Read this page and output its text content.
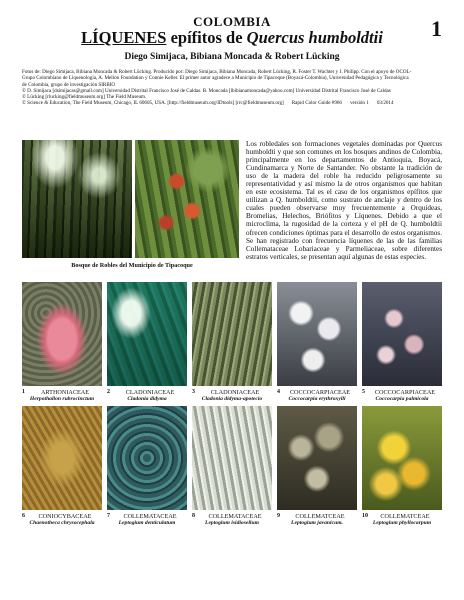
COLOMBIA	1
LÍQUENES epífitos de Quercus humboldtii
Diego Simijaca, Bibiana Moncada & Robert Lücking
Fotos de: Diego Simijaca, Bibiana Moncada & Robert Lücking. Producido por: Diego Simijaca, Bibiana Moncada, Robert Lücking, R. Foster T. Wachter y J. Philipp. Con el apoyo de OCOL-
Grupo Colombiano de Liquenología, A. Mellon Foundation y Connie Keller. El primer autor agradece a Municipio de Tipacoque (Boyacá-Colombia), Universidad Pedagógica y Tecnológica
de Colombia, grupo de investigación SIRBIO
© D. Simijaca [dsimijacas@gmail.com] Universidad Distrital Francisco José de Caldas. B. Moncada [lbibianamoncada@yahoo.com] Universidad Distrital Francisco José de Caldas
© Lücking [rlucking@fieldmuseum.org] The Field Museum.
© Science & Education, The Field Museum, Chicago, IL 60605, USA. [http://fieldmuseum.org/IDtools] [rrc@fieldmuseum.org] Rapid Color Guide #966 versión 1 03/2014
Bosque de Robles del Municipio de Tipacoque
Los robledales son formaciones vegetales dominadas por Quercus humboldti y que son comunes en los bosques andinos de Colombia, principalmente en los departamentos de Antioquia, Boyacá, Cundinamarca y Norte de Santander. No obstante la tradición de uso de la madera del roble ha reducido peligrosamente su representatividad y así mismo la de otros organismos que habitan en este ecosistema. Tal es el caso de los organismos epífitos que utilizan a Q. humboldtii, como sustrato de anclaje y dentro de los cuales pueden observarse muy frecuentemente a Orquideas, Bromelias, Helechos, Briófitos y Líquenes. Debido a que el microclima, la rugosidad de la corteza y el pH de Q. humboldtii ofrecen condiciones óptimas para el desarrollo de estos organismos. Se han registrado con frecuencia líquenes de las de las familias Collemataceae Lobariaceae y Parmeliaceae, sobre diferentes estratos verticales, se presentan aquí algunas de estas especies.
1	ARTHONIACEAE
Herpothallon rubrocinctum
2	CLADONIACEAE
Cladonia didyma
3	CLADONIACEAE
Cladonia didyma-apotecio
4	COCCOCARPIACEAE
Coccocarpia erythroxylli
5	COCCOCARPIACEAE
Coccocarpia palmicola
6	CONIOCYBACEAE
Chaenotheca chrysocephala
7	COLLEMATACEAE
Leptogium denticulatum
8	COLLEMATACEAE
Leptogium isidiosellum
9	COLLEMATCEAE
Leptogium javanicum.
10	COLLEMATCEAE
Leptogium phyllocarpum
